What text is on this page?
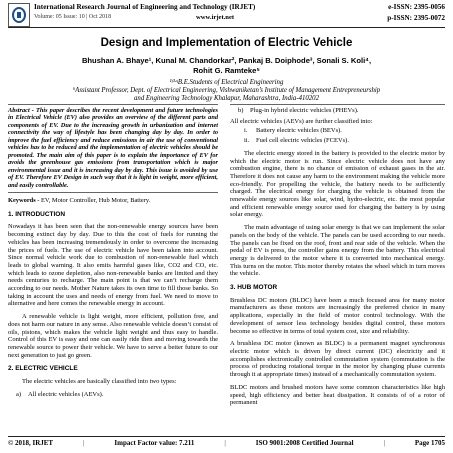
International Research Journal of Engineering and Technology (IRJET)	e-ISSN: 2395-0056
Volume: 05 Issue: 10 | Oct 2018	www.irjet.net	p-ISSN: 2395-0072
Design and Implementation of Electric Vehicle
Bhushan A. Bhaye¹, Kunal M. Chandorkar², Pankaj B. Doiphode³, Sonali S. Koli⁴,
Rohit G. Ramteke⁵
¹ʲ³ʴʵB.E.Students of Electrical Engineering
⁶Assistant Professor, Dept. of Electrical Engineering, Vishwaniketan’s Institute of Management Entrepreneurship
and Engineering Technology Khalapur, Maharashtra, India-410202
Abstract - This paper describes the recent development and future technologies in Electrical Vehicle (EV) also provides an overview of the different parts and components of EV. Due to the increasing growth in urbanization and internet connectivity the way of lifestyle has been changing day by day. In order to improve the fuel efficiency and reduce emissions in air the use of conventional vehicles has to be reduced and the implementation of electric vehicles should be promoted. The main aim of this paper is to explain the importance of EV for avoids the greenhouse gas emissions from transportation which is major environmental issue and it is increasing day by day. This issue is avoided by use of EV. Therefore EV Design in such way that it is light in weight, more efficient, and easily controllable.
Keywords - EV, Motor Controller, Hub Motor, Battery.
1. INTRODUCTION

Nowadays it has been seen that the non-renewable energy sources have been becoming extinct day by day. Due to this the cost of fuels for running the vehicles has been increasing tremendously in order to overcome the increasing the prices of fuels. The use of electric vehicle have been taken into account. Since normal vehicle work due to combustion of non-renewable fuel which leads to global warning. It also emits harmful gases like, CO2 and CO, etc. which leads to ozone depletion, also non-renewable banks are limited and they needs centuries to recharge. The main point is that we can’t recharge them according to our needs. Mother Nature takes its own time to fill those banks. So taking in account the uses and needs of energy from fuel. We need to move to alternative and here comes the renewable energy in account.

A renewable vehicle is light weight, more efficient, pollution free, and does not harm our nature in any sense. Also renewable vehicle doesn’t consist of oils, pistons, which makes the vehicle light weight and thus easy to handle. Control of this EV is easy and one can easily ride then and moving towards the renewable source to power their vehicle. We have to serve a better future to our next generation to just go green.

2. ELECTRIC VEHICLE

The electric vehicles are basically classified into two types:

a) All electric vehicles (AEVs).
b) Plug-in hybrid electric vehicles (PHEVs).

All electric vehicles (AEVs) are further classified into:

i. Battery electric vehicles (BEVs).
ii. Fuel cell electric vehicles (FCEVs).

The electric energy stored in the battery is provided to the electric motor by which the electric motor is run. Since electric vehicle does not have any combustion engine, there is no chance of emission of exhaust gases in the air. Therefore it does not cause any harm to the environment making the vehicle more eco-friendly. For propelling the vehicle, the battery needs to be sufficiently charged. The electrical energy for charging the vehicle is obtained from the renewable energy sources like solar, wind, hydro-electric, etc. the most popular and efficient renewable energy source used for charging the battery is by using solar energy.

The main advantage of using solar energy is that we can implement the solar panels on the body of the vehicle. The panels can be used according to our needs. The panels can be fixed on the roof, front and rear side of the vehicle. When the pedal of EV is press, the controller gains energy from the battery. This electrical energy is delivered to the motor where it is converted into mechanical energy. This turns on the motor. This motor thereby rotates the wheel which in turn moves the vehicle.

3. HUB MOTOR

Brushless DC motors (BLDC) have been a much focused area for many motor manufacturers as these motors are increasingly the preferred choice in many applications, especially in the field of motor control technology. With the development of sensor less technology besides digital control, these motors become so effective in terms of total system cost, size and reliability.

A brushless DC motor (known as BLDC) is a permanent magnet synchronous electric motor which is driven by direct current (DC) electricity and it accomplishes electronically controlled commutation system (commutation is the process of producing rotational torque in the motor by changing phase currents through it at appropriate times) instead of a mechanically commutation system.

BLDC motors and brushed motors have some common characteristics like high speed, high efficiency and better heat dissipation. It consists of of a rotor of permanent

© 2018, IRJET	|	Impact Factor value: 7.211	|	ISO 9001:2008 Certified Journal	|	Page 1705
